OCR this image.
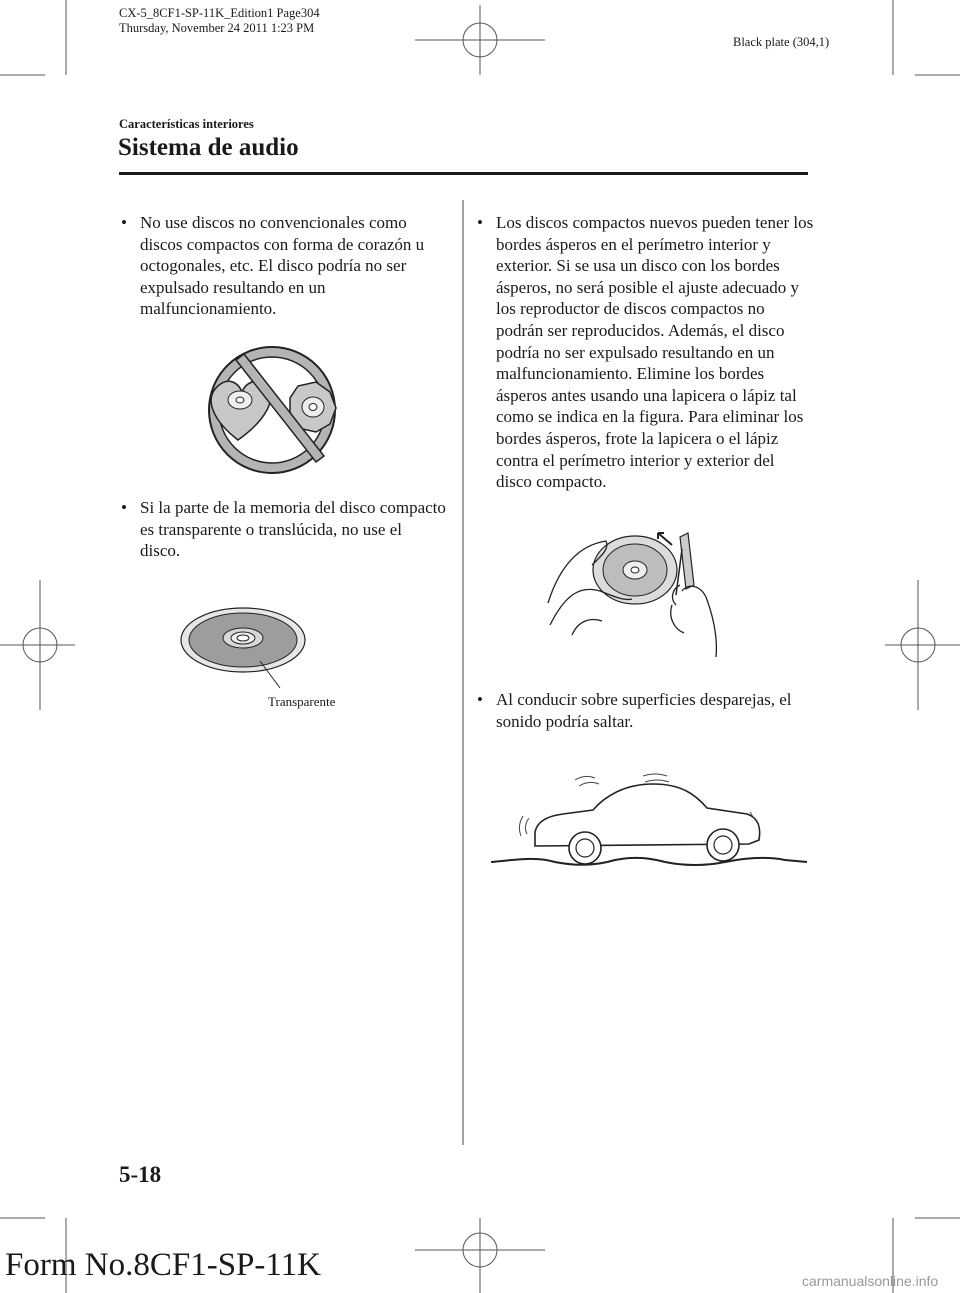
CX-5_8CF1-SP-11K_Edition1 Page304
Thursday, November 24 2011 1:23 PM
Black plate (304,1)
Características interiores
Sistema de audio

• No use discos no convencionales como discos compactos con forma de corazón u octogonales, etc. El disco podría no ser expulsado resultando en un malfuncionamiento.

• Si la parte de la memoria del disco compacto es transparente o translúcida, no use el disco.

Transparente

• Los discos compactos nuevos pueden tener los bordes ásperos en el perímetro interior y exterior. Si se usa un disco con los bordes ásperos, no será posible el ajuste adecuado y los reproductor de discos compactos no podrán ser reproducidos. Además, el disco podría no ser expulsado resultando en un malfuncionamiento. Elimine los bordes ásperos antes usando una lapicera o lápiz tal como se indica en la figura. Para eliminar los bordes ásperos, frote la lapicera o el lápiz contra el perímetro interior y exterior del disco compacto.

• Al conducir sobre superficies desparejas, el sonido podría saltar.

5-18
Form No.8CF1-SP-11K	carmanualsonline.info
